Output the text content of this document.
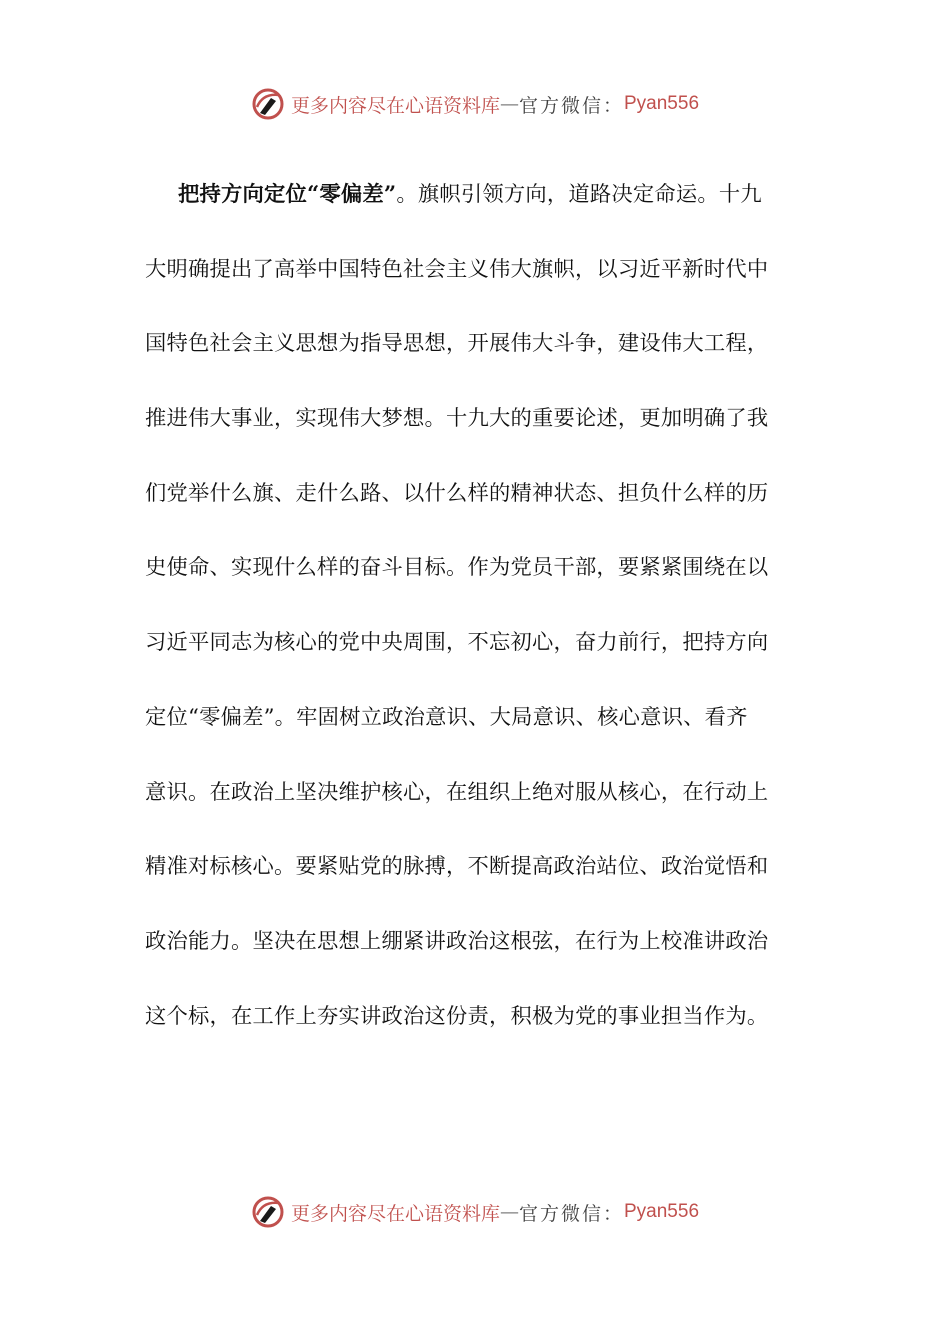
更多内容尽在心语资料库 — 官方微信： Pyan556
把持方向定位“零偏差”。旗帜引领方向，道路决定命运。十九
大明确提出了高举中国特色社会主义伟大旗帜，以习近平新时代中
国特色社会主义思想为指导思想，开展伟大斗争，建设伟大工程，
推进伟大事业，实现伟大梦想。十九大的重要论述，更加明确了我
们党举什么旗、走什么路、以什么样的精神状态、担负什么样的历
史使命、实现什么样的奋斗目标。作为党员干部，要紧紧围绕在以
习近平同志为核心的党中央周围，不忘初心，奋力前行，把持方向
定位“零偏差”。牢固树立政治意识、大局意识、核心意识、看齐
意识。在政治上坚决维护核心，在组织上绝对服从核心，在行动上
精准对标核心。要紧贴党的脉搏，不断提高政治站位、政治觉悟和
政治能力。坚决在思想上绷紧讲政治这根弦，在行为上校准讲政治
这个标，在工作上夯实讲政治这份责，积极为党的事业担当作为。
更多内容尽在心语资料库 — 官方微信： Pyan556
